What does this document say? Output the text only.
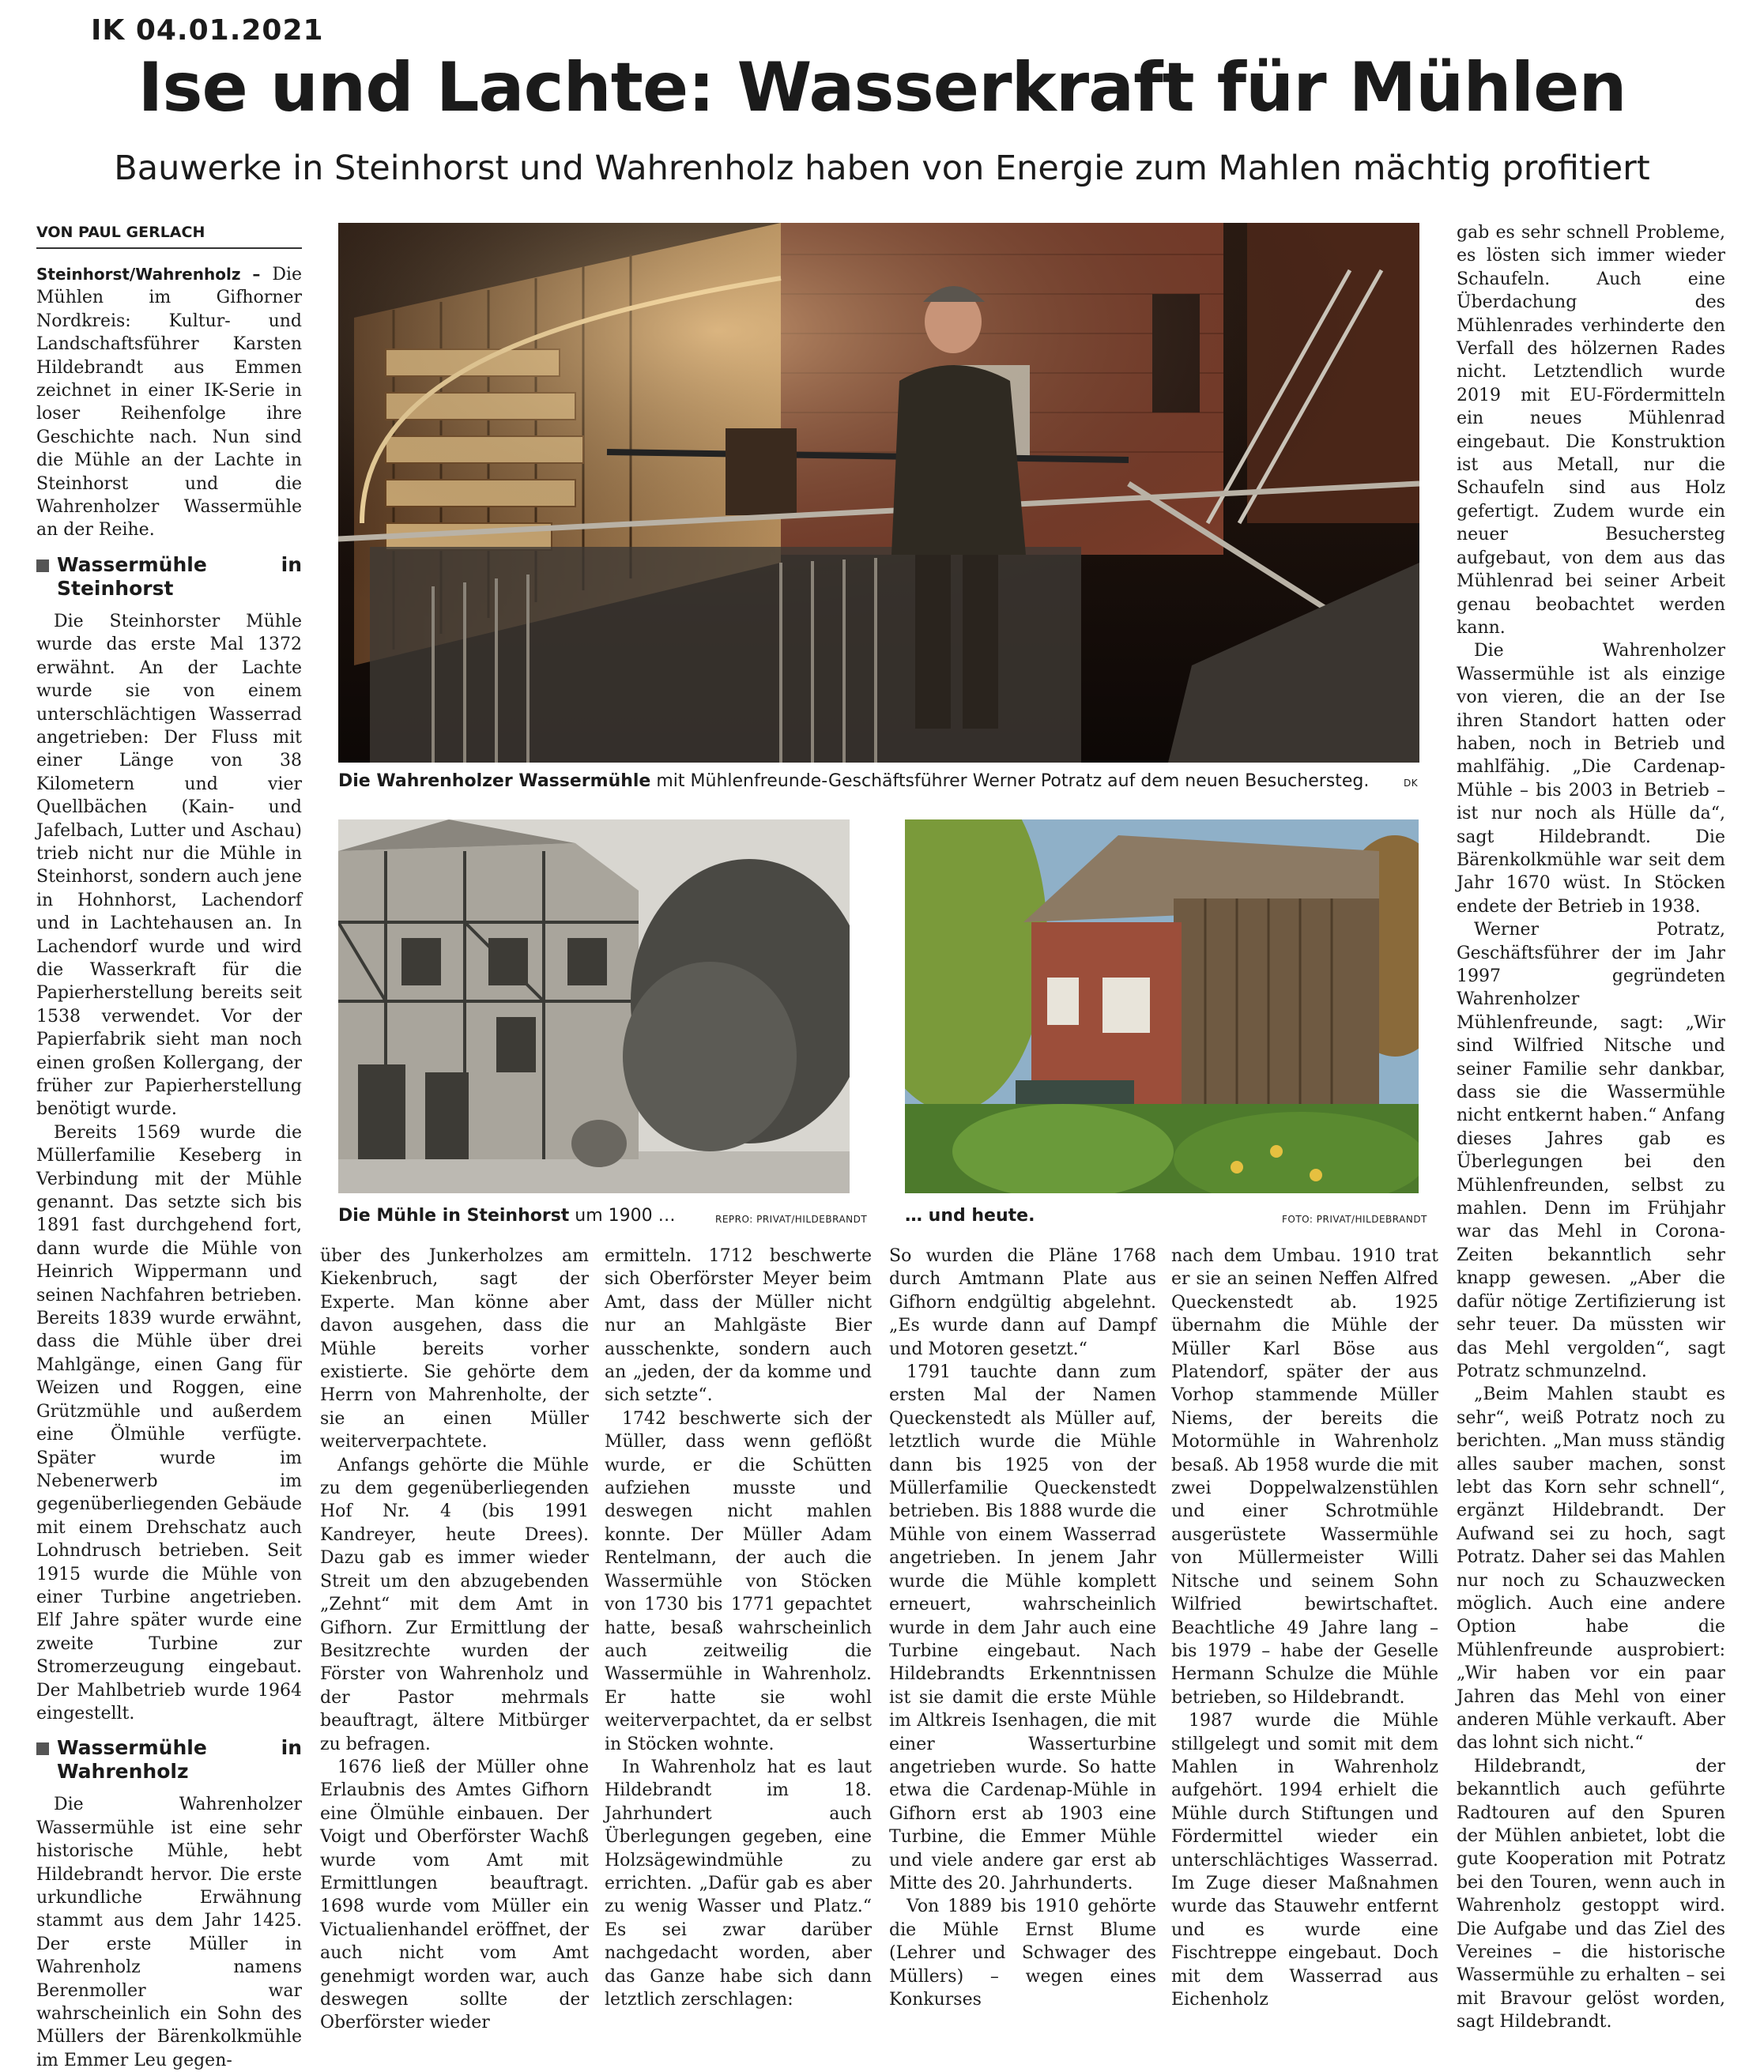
IK 04.01.2021
Ise und Lachte: Wasserkraft für Mühlen
Bauwerke in Steinhorst und Wahrenholz haben von Energie zum Mahlen mächtig profitiert
VON PAUL GERLACH

Steinhorst/Wahrenholz – Die Mühlen im Gifhorner Nordkreis: Kultur- und Landschaftsführer Karsten Hildebrandt aus Emmen zeichnet in einer IK-Serie in loser Reihenfolge ihre Geschichte nach. Nun sind die Mühle an der Lachte in Steinhorst und die Wahrenholzer Wassermühle an der Reihe.

Wassermühle in Steinhorst

Die Steinhorster Mühle wurde das erste Mal 1372 erwähnt. An der Lachte wurde sie von einem unterschlächtigen Wasserrad angetrieben: Der Fluss mit einer Länge von 38 Kilometern und vier Quellbächen (Kain- und Jafelbach, Lutter und Aschau) trieb nicht nur die Mühle in Steinhorst, sondern auch jene in Hohnhorst, Lachendorf und in Lachtehausen an. In Lachendorf wurde und wird die Wasserkraft für die Papierherstellung bereits seit 1538 verwendet. Vor der Papierfabrik sieht man noch einen großen Kollergang, der früher zur Papierherstellung benötigt wurde.

Bereits 1569 wurde die Müllerfamilie Keseberg in Verbindung mit der Mühle genannt. Das setzte sich bis 1891 fast durchgehend fort, dann wurde die Mühle von Heinrich Wippermann und seinen Nachfahren betrieben. Bereits 1839 wurde erwähnt, dass die Mühle über drei Mahlgänge, einen Gang für Weizen und Roggen, eine Grützmühle und außerdem eine Ölmühle verfügte. Später wurde im Nebenerwerb im gegenüberliegenden Gebäude mit einem Drehschatz auch Lohndrusch betrieben. Seit 1915 wurde die Mühle von einer Turbine angetrieben. Elf Jahre später wurde eine zweite Turbine zur Stromerzeugung eingebaut. Der Mahlbetrieb wurde 1964 eingestellt.

Wassermühle in Wahrenholz

Die Wahrenholzer Wassermühle ist eine sehr historische Mühle, hebt Hildebrandt hervor. Die erste urkundliche Erwähnung stammt aus dem Jahr 1425. Der erste Müller in Wahrenholz namens Berenmoller war wahrscheinlich ein Sohn des Müllers der Bärenkolkmühle im Emmer Leu gegen-

Die Wahrenholzer Wassermühle mit Mühlenfreunde-Geschäftsführer Werner Potratz auf dem neuen Besuchersteg.	DK
Die Mühle in Steinhorst um 1900 …	REPRO: PRIVAT/HILDEBRANDT … und heute.	FOTO: PRIVAT/HILDEBRANDT

über des Junkerholzes am Kiekenbruch, sagt der Experte. Man könne aber davon ausgehen, dass die Mühle bereits vorher existierte. Sie gehörte dem Herrn von Mahrenholte, der sie an einen Müller weiterverpachtete.

Anfangs gehörte die Mühle zu dem gegenüberliegenden Hof Nr. 4 (bis 1991 Kandreyer, heute Drees). Dazu gab es immer wieder Streit um den abzugebenden „Zehnt“ mit dem Amt in Gifhorn. Zur Ermittlung der Besitzrechte wurden der Förster von Wahrenholz und der Pastor mehrmals beauftragt, ältere Mitbürger zu befragen.

1676 ließ der Müller ohne Erlaubnis des Amtes Gifhorn eine Ölmühle einbauen. Der Voigt und Oberförster Wachß wurde vom Amt mit Ermittlungen beauftragt. 1698 wurde vom Müller ein Victualienhandel eröffnet, der auch nicht vom Amt genehmigt worden war, auch deswegen sollte der Oberförster wieder

ermitteln. 1712 beschwerte sich Oberförster Meyer beim Amt, dass der Müller nicht nur an Mahlgäste Bier ausschenkte, sondern auch an „jeden, der da komme und sich setzte“.

1742 beschwerte sich der Müller, dass wenn geflößt wurde, er die Schütten aufziehen musste und deswegen nicht mahlen konnte. Der Müller Adam Rentelmann, der auch die Wassermühle von Stöcken von 1730 bis 1771 gepachtet hatte, besaß wahrscheinlich auch zeitweilig die Wassermühle in Wahrenholz. Er hatte sie wohl weiterverpachtet, da er selbst in Stöcken wohnte.

In Wahrenholz hat es laut Hildebrandt im 18. Jahrhundert auch Überlegungen gegeben, eine Holzsägewindmühle zu errichten. „Dafür gab es aber zu wenig Wasser und Platz.“ Es sei zwar darüber nachgedacht worden, aber das Ganze habe sich dann letztlich zerschlagen:

So wurden die Pläne 1768 durch Amtmann Plate aus Gifhorn endgültig abgelehnt. „Es wurde dann auf Dampf und Motoren gesetzt.“

1791 tauchte dann zum ersten Mal der Namen Queckenstedt als Müller auf, letztlich wurde die Mühle dann bis 1925 von der Müllerfamilie Queckenstedt betrieben. Bis 1888 wurde die Mühle von einem Wasserrad angetrieben. In jenem Jahr wurde die Mühle komplett erneuert, wahrscheinlich wurde in dem Jahr auch eine Turbine eingebaut. Nach Hildebrandts Erkenntnissen ist sie damit die erste Mühle im Altkreis Isenhagen, die mit einer Wasserturbine angetrieben wurde. So hatte etwa die Cardenap-Mühle in Gifhorn erst ab 1903 eine Turbine, die Emmer Mühle und viele andere gar erst ab Mitte des 20. Jahrhunderts.

Von 1889 bis 1910 gehörte die Mühle Ernst Blume (Lehrer und Schwager des Müllers) – wegen eines Konkurses

nach dem Umbau. 1910 trat er sie an seinen Neffen Alfred Queckenstedt ab. 1925 übernahm die Mühle der Müller Karl Böse aus Platendorf, später der aus Vorhop stammende Müller Niems, der bereits die Motormühle in Wahrenholz besaß. Ab 1958 wurde die mit zwei Doppelwalzenstühlen und einer Schrotmühle ausgerüstete Wassermühle von Müllermeister Willi Nitsche und seinem Sohn Wilfried bewirtschaftet. Beachtliche 49 Jahre lang – bis 1979 – habe der Geselle Hermann Schulze die Mühle betrieben, so Hildebrandt.

1987 wurde die Mühle stillgelegt und somit mit dem Mahlen in Wahrenholz aufgehört. 1994 erhielt die Mühle durch Stiftungen und Fördermittel wieder ein unterschlächtiges Wasserrad. Im Zuge dieser Maßnahmen wurde das Stauwehr entfernt und es wurde eine Fischtreppe eingebaut. Doch mit dem Wasserrad aus Eichenholz

gab es sehr schnell Probleme, es lösten sich immer wieder Schaufeln. Auch eine Überdachung des Mühlenrades verhinderte den Verfall des hölzernen Rades nicht. Letztendlich wurde 2019 mit EU-Fördermitteln ein neues Mühlenrad eingebaut. Die Konstruktion ist aus Metall, nur die Schaufeln sind aus Holz gefertigt. Zudem wurde ein neuer Besuchersteg aufgebaut, von dem aus das Mühlenrad bei seiner Arbeit genau beobachtet werden kann.

Die Wahrenholzer Wassermühle ist als einzige von vieren, die an der Ise ihren Standort hatten oder haben, noch in Betrieb und mahlfähig. „Die Cardenap-Mühle – bis 2003 in Betrieb – ist nur noch als Hülle da“, sagt Hildebrandt. Die Bärenkolkmühle war seit dem Jahr 1670 wüst. In Stöcken endete der Betrieb in 1938.

Werner Potratz, Geschäftsführer der im Jahr 1997 gegründeten Wahrenholzer Mühlenfreunde, sagt: „Wir sind Wilfried Nitsche und seiner Familie sehr dankbar, dass sie die Wassermühle nicht entkernt haben.“ Anfang dieses Jahres gab es Überlegungen bei den Mühlenfreunden, selbst zu mahlen. Denn im Frühjahr war das Mehl in Corona-Zeiten bekanntlich sehr knapp gewesen. „Aber die dafür nötige Zertifizierung ist sehr teuer. Da müssten wir das Mehl vergolden“, sagt Potratz schmunzelnd.

„Beim Mahlen staubt es sehr“, weiß Potratz noch zu berichten. „Man muss ständig alles sauber machen, sonst lebt das Korn sehr schnell“, ergänzt Hildebrandt. Der Aufwand sei zu hoch, sagt Potratz. Daher sei das Mahlen nur noch zu Schauzwecken möglich. Auch eine andere Option habe die Mühlenfreunde ausprobiert: „Wir haben vor ein paar Jahren das Mehl von einer anderen Mühle verkauft. Aber das lohnt sich nicht.“

Hildebrandt, der bekanntlich auch geführte Radtouren auf den Spuren der Mühlen anbietet, lobt die gute Kooperation mit Potratz bei den Touren, wenn auch in Wahrenholz gestoppt wird. Die Aufgabe und das Ziel des Vereines – die historische Wassermühle zu erhalten – sei mit Bravour gelöst worden, sagt Hildebrandt.
